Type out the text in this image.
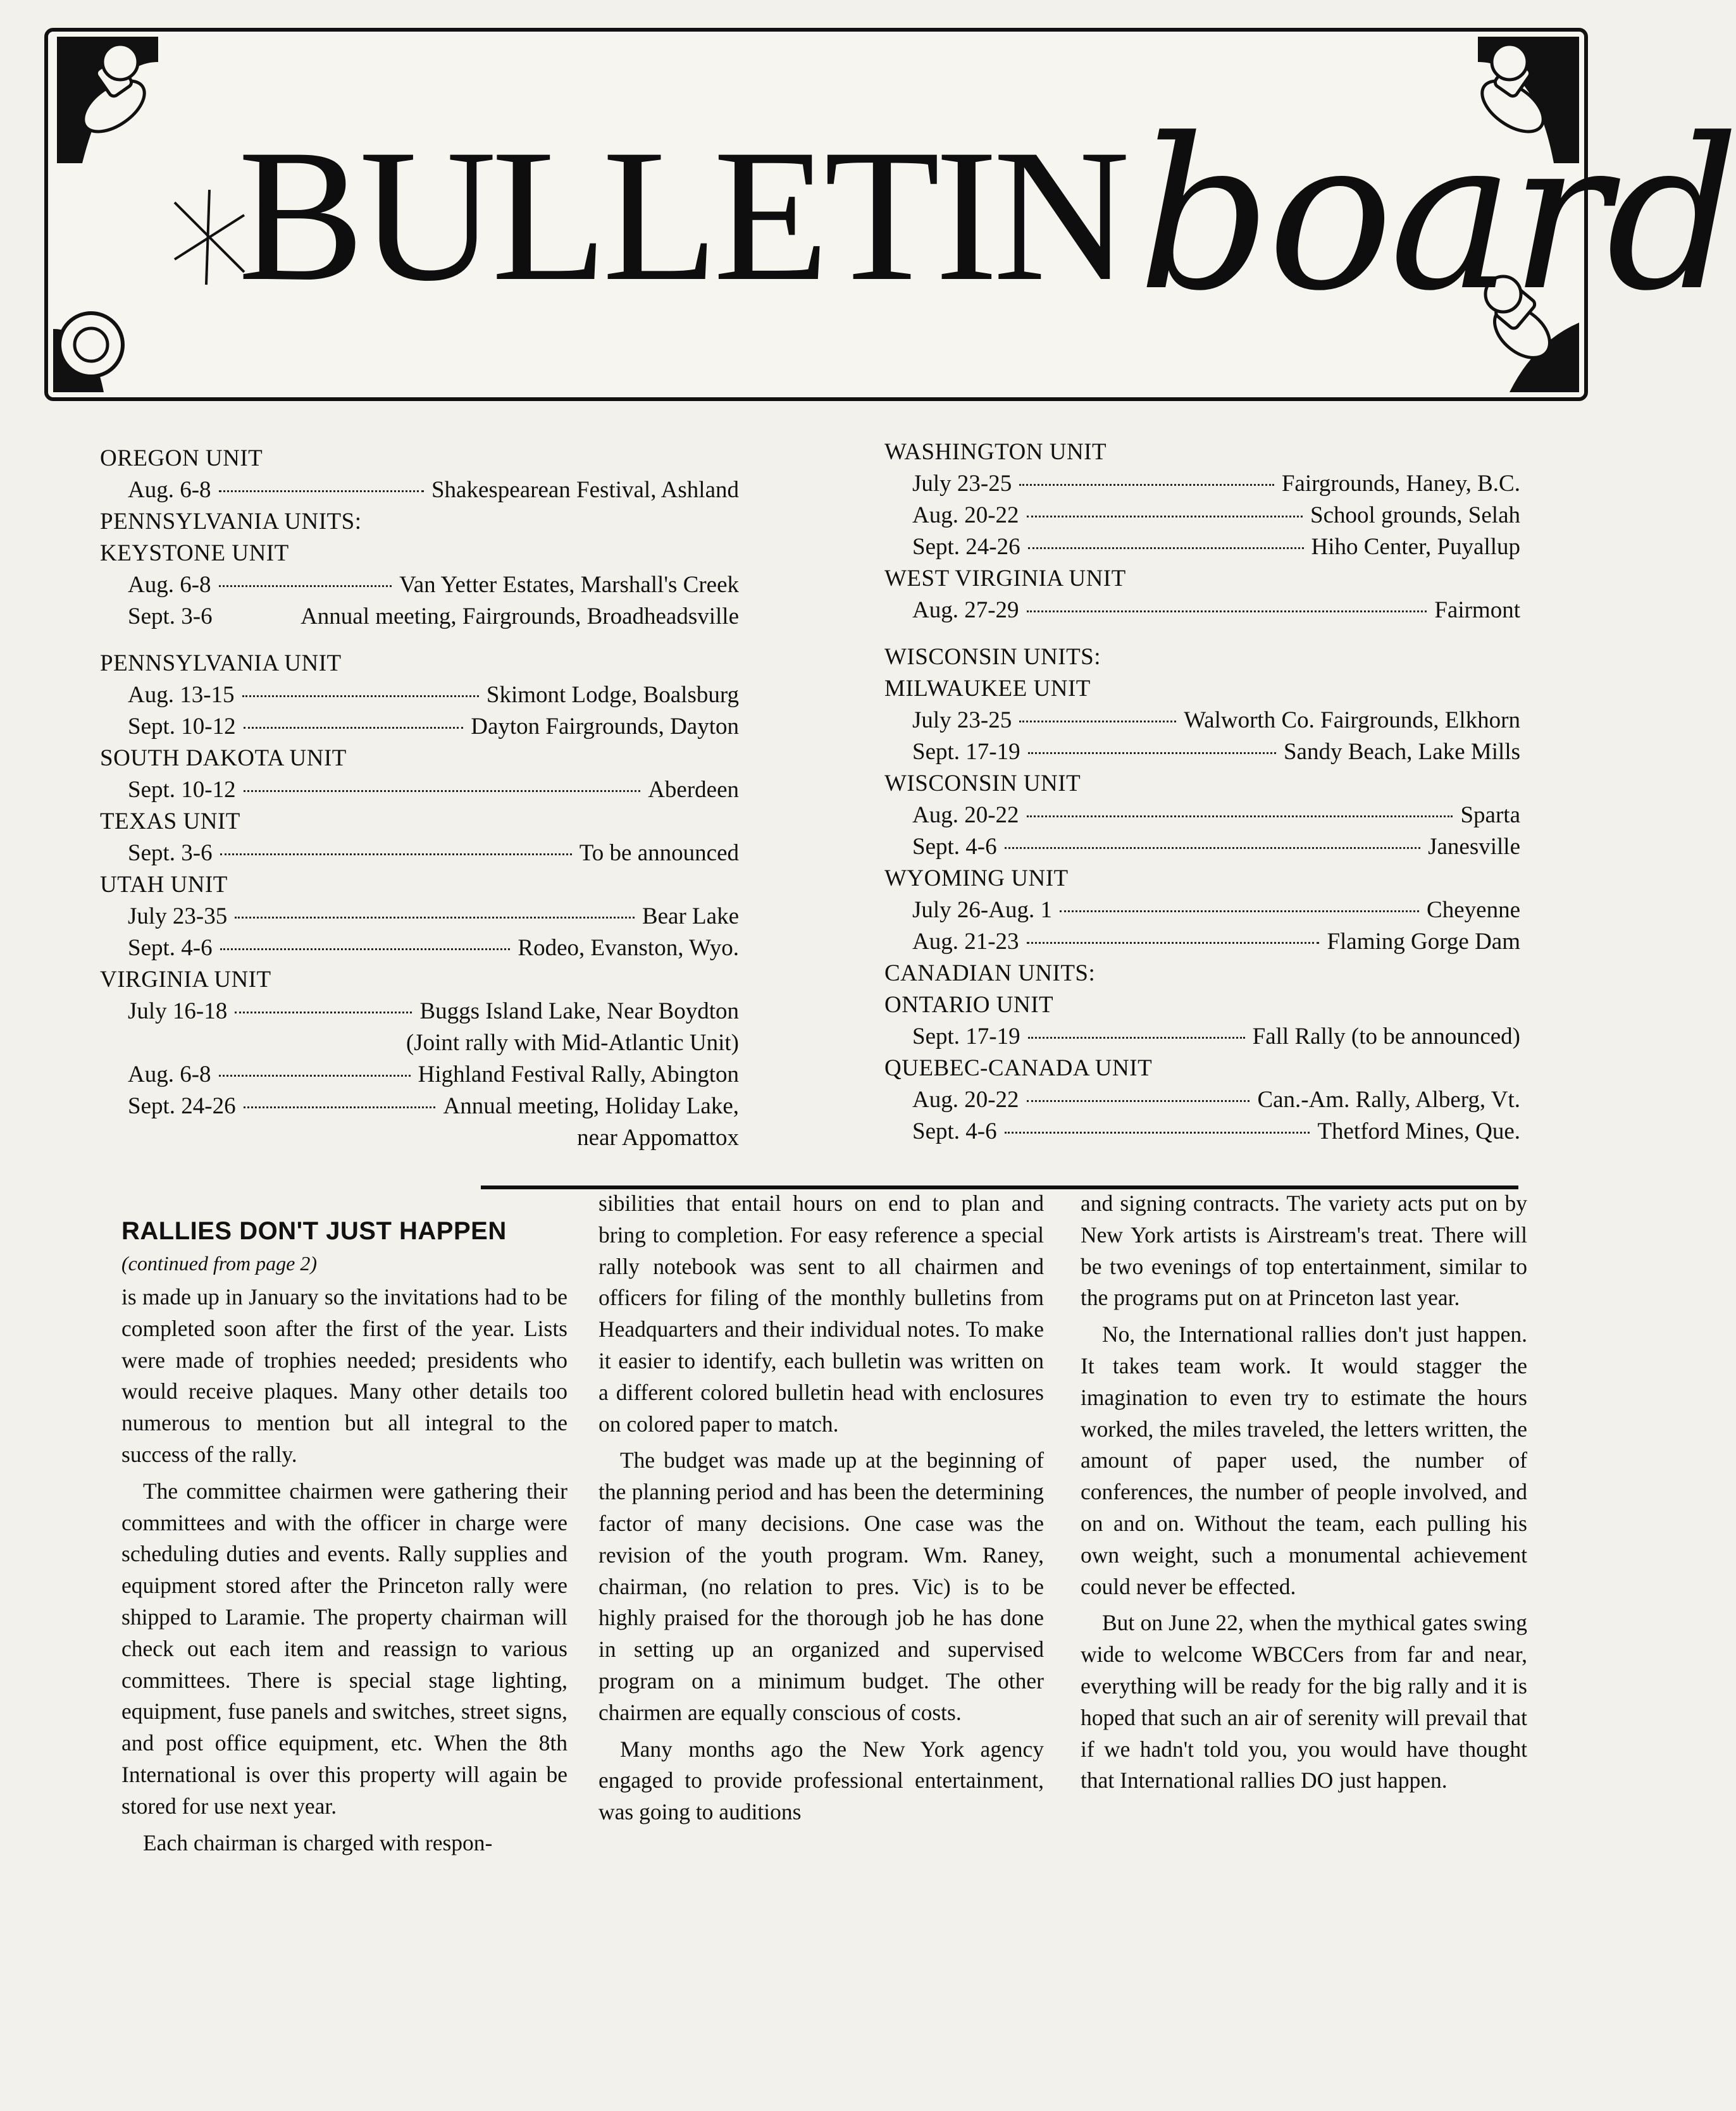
BULLETIN board
OREGON UNIT
Aug. 6-8	Shakespearean Festival, Ashland
PENNSYLVANIA UNITS:
KEYSTONE UNIT
Aug. 6-8	Van Yetter Estates, Marshall's Creek
Sept. 3-6	Annual meeting, Fairgrounds, Broadheadsville
PENNSYLVANIA UNIT
Aug. 13-15	Skimont Lodge, Boalsburg
Sept. 10-12	Dayton Fairgrounds, Dayton
SOUTH DAKOTA UNIT
Sept. 10-12	Aberdeen
TEXAS UNIT
Sept. 3-6	To be announced
UTAH UNIT
July 23-35	Bear Lake
Sept. 4-6	Rodeo, Evanston, Wyo.
VIRGINIA UNIT
July 16-18	Buggs Island Lake, Near Boydton
(Joint rally with Mid-Atlantic Unit)
Aug. 6-8	Highland Festival Rally, Abington
Sept. 24-26	Annual meeting, Holiday Lake,
near Appomattox
WASHINGTON UNIT
July 23-25	Fairgrounds, Haney, B.C.
Aug. 20-22	School grounds, Selah
Sept. 24-26	Hiho Center, Puyallup
WEST VIRGINIA UNIT
Aug. 27-29	Fairmont
WISCONSIN UNITS:
MILWAUKEE UNIT
July 23-25	Walworth Co. Fairgrounds, Elkhorn
Sept. 17-19	Sandy Beach, Lake Mills
WISCONSIN UNIT
Aug. 20-22	Sparta
Sept. 4-6	Janesville
WYOMING UNIT
July 26-Aug. 1	Cheyenne
Aug. 21-23	Flaming Gorge Dam
CANADIAN UNITS:
ONTARIO UNIT
Sept. 17-19	Fall Rally (to be announced)
QUEBEC-CANADA UNIT
Aug. 20-22	Can.-Am. Rally, Alberg, Vt.
Sept. 4-6	Thetford Mines, Que.
RALLIES DON'T JUST HAPPEN
(continued from page 2)

is made up in January so the invitations had to be completed soon after the first of the year. Lists were made of trophies needed; presidents who would receive plaques. Many other details too numerous to mention but all integral to the success of the rally.

The committee chairmen were gathering their committees and with the officer in charge were scheduling duties and events. Rally supplies and equipment stored after the Princeton rally were shipped to Laramie. The property chairman will check out each item and reassign to various committees. There is special stage lighting, equipment, fuse panels and switches, street signs, and post office equipment, etc. When the 8th International is over this property will again be stored for use next year.

Each chairman is charged with respon-

sibilities that entail hours on end to plan and bring to completion. For easy reference a special rally notebook was sent to all chairmen and officers for filing of the monthly bulletins from Headquarters and their individual notes. To make it easier to identify, each bulletin was written on a different colored bulletin head with enclosures on colored paper to match.

The budget was made up at the beginning of the planning period and has been the determining factor of many decisions. One case was the revision of the youth program. Wm. Raney, chairman, (no relation to pres. Vic) is to be highly praised for the thorough job he has done in setting up an organized and supervised program on a minimum budget. The other chairmen are equally conscious of costs.

Many months ago the New York agency engaged to provide professional entertainment, was going to auditions

and signing contracts. The variety acts put on by New York artists is Airstream's treat. There will be two evenings of top entertainment, similar to the programs put on at Princeton last year.

No, the International rallies don't just happen. It takes team work. It would stagger the imagination to even try to estimate the hours worked, the miles traveled, the letters written, the amount of paper used, the number of conferences, the number of people involved, and on and on. Without the team, each pulling his own weight, such a monumental achievement could never be effected.

But on June 22, when the mythical gates swing wide to welcome WBCCers from far and near, everything will be ready for the big rally and it is hoped that such an air of serenity will prevail that if we hadn't told you, you would have thought that International rallies DO just happen.
